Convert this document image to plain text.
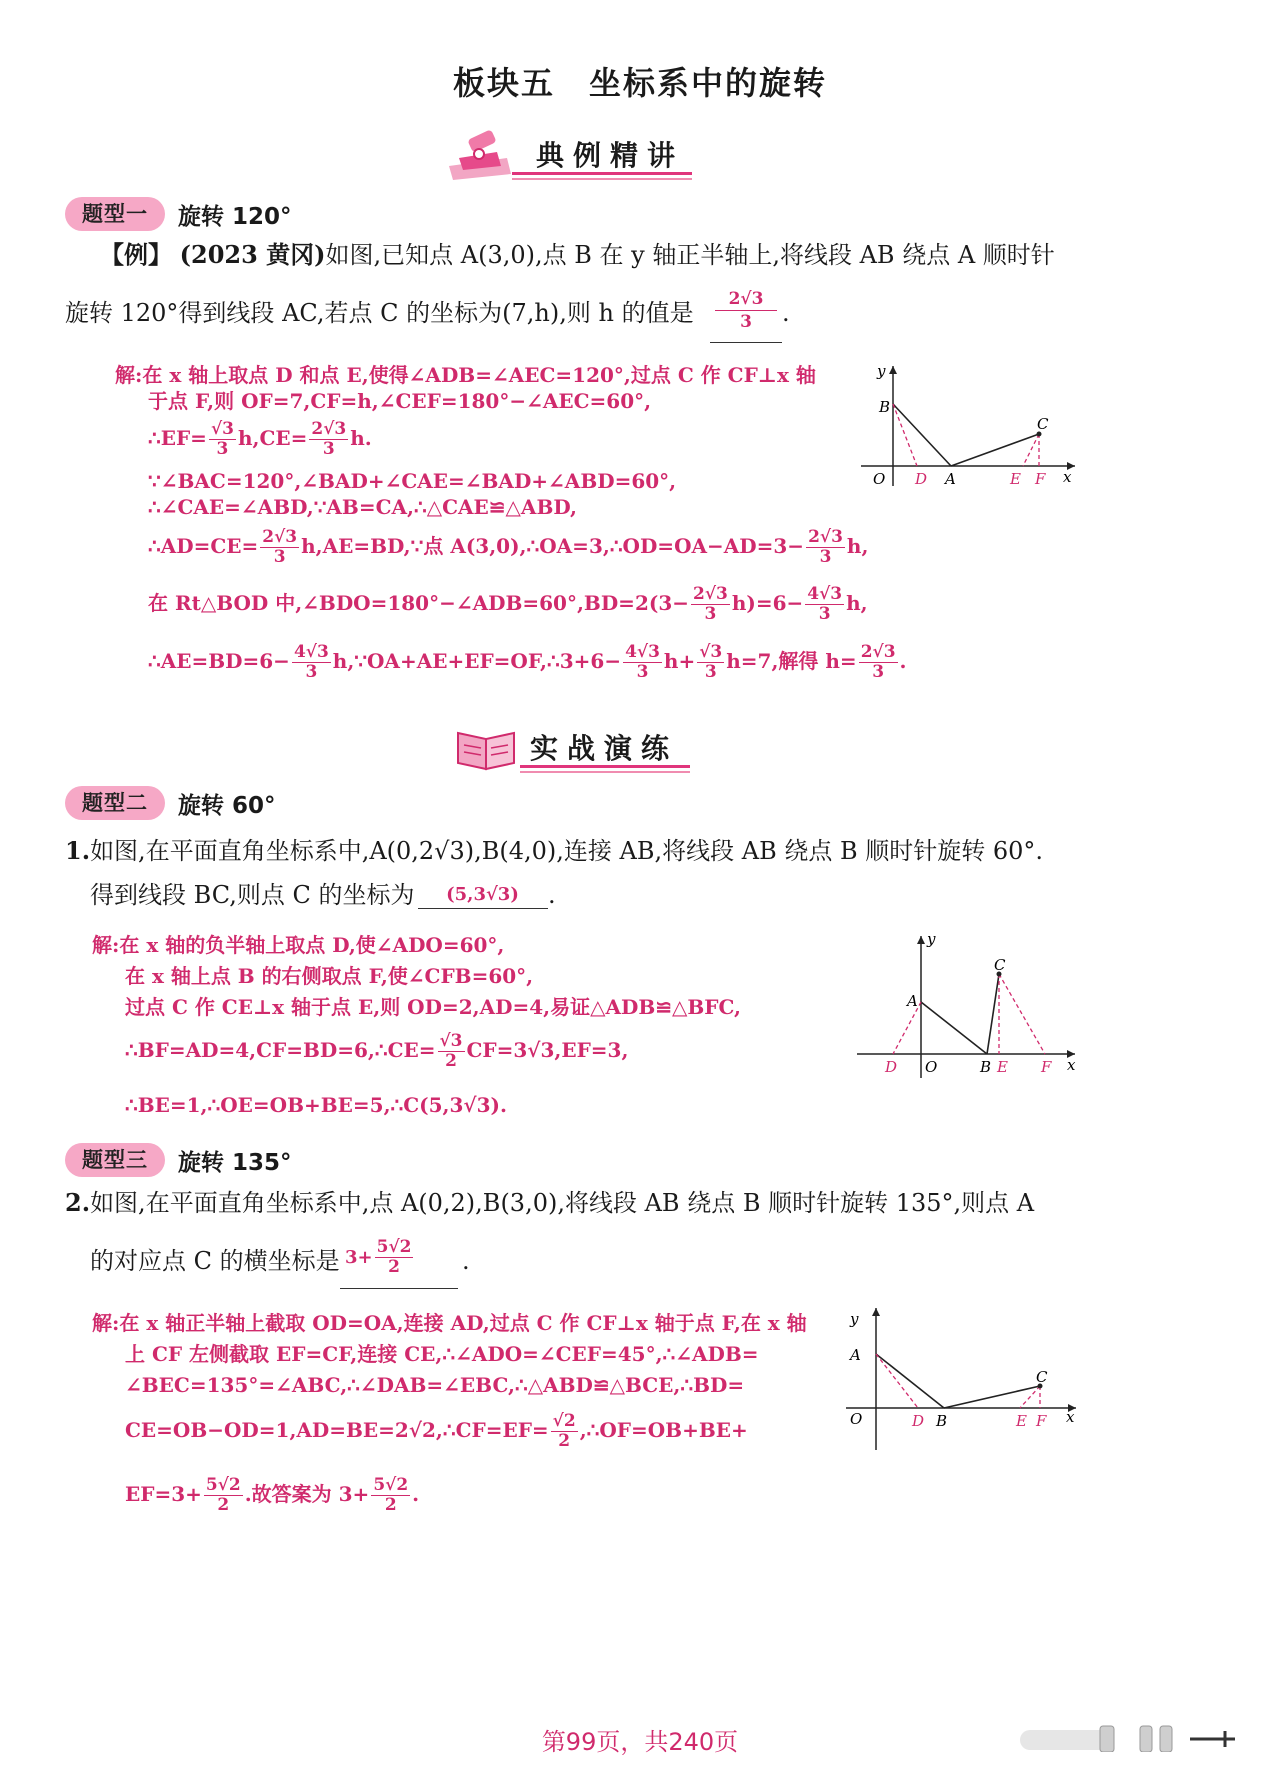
板块五　坐标系中的旋转
典例精讲
题型一	旋转 120°
【例】 (2023 黄冈)如图,已知点 A(3,0),点 B 在 y 轴正半轴上,将线段 AB 绕点 A 顺时针
旋转 120°得到线段 AC,若点 C 的坐标为(7,h),则 h 的值是	2√3
3	.
解:在 x 轴上取点 D 和点 E,使得∠ADB=∠AEC=120°,过点 C 作 CF⊥x 轴
于点 F,则 OF=7,CF=h,∠CEF=180°−∠AEC=60°,
∴EF= $\frac{√3}{3} h,CE= \frac{2√3}{3} h$.
∵∠BAC=120°,∠BAD+∠CAE=∠BAD+∠ABD=60°,
∴∠CAE=∠ABD,∵AB=CA,∴△CAE≌△ABD,
∴AD=CE= $\frac{2√3}{3}$ h,AE=BD,∵点 A(3,0),∴OA=3,∴OD=OA−AD=3− $\frac{2√3}{3} h$,
在 Rt△BOD 中,∠BDO=180°−∠ADB=60°,BD=2(3− $\frac{2√3}{3} h)=6- \frac{4√3}{3} h$,
∴AE=BD=6− $\frac{4√3}{3}$ h,∵OA+AE+EF=OF,∴3+6− $\frac{4√3}{3} h+ \frac{√3}{3} h=7$,解得 $h= \frac{2√3}{3}$ .
y
x
O
B
D A	E F
C
实战演练
题型二	旋转 60°
1.如图,在平面直角坐标系中,A(0,2√3),B(4,0),连接 AB,将线段 AB 绕点 B 顺时针旋转 60°.
得到线段 BC,则点 C 的坐标为	(5,3√3)	.
解:在 x 轴的负半轴上取点 D,使∠ADO=60°,
在 x 轴上点 B 的右侧取点 F,使∠CFB=60°,
过点 C 作 CE⊥x 轴于点 E,则 OD=2,AD=4,易证△ADB≌△BFC,
∴BF=AD=4,CF=BD=6,∴CE= $\frac{√3}{2} CF=3√3,EF=3$,
∴BE=1,∴OE=OB+BE=5,∴C(5,3√3).
y
x
O
A
B
C
D	E F
题型三	旋转 135°
2.如图,在平面直角坐标系中,点 A(0,2),B(3,0),将线段 AB 绕点 B 顺时针旋转 135°,则点 A
的对应点 C 的横坐标是 $3+ \frac{5√2}{2}$ .
解:在 x 轴正半轴上截取 OD=OA,连接 AD,过点 C 作 CF⊥x 轴于点 F,在 x 轴
上 CF 左侧截取 EF=CF,连接 CE,∴∠ADO=∠CEF=45°,∴∠ADB=
∠BEC=135°=∠ABC,∴∠DAB=∠EBC,∴△ABD≌△BCE,∴BD=
CE=OB−OD=1,AD=BE=2√2,∴CF=EF= $\frac{√2}{2}$ ,∴OF=OB+BE+
$EF=3+ \frac{5√2}{2}$ .故答案为 $3+ \frac{5√2}{2}$ .
y
x
O
A
B
C
D	E F
第99页，共240页
